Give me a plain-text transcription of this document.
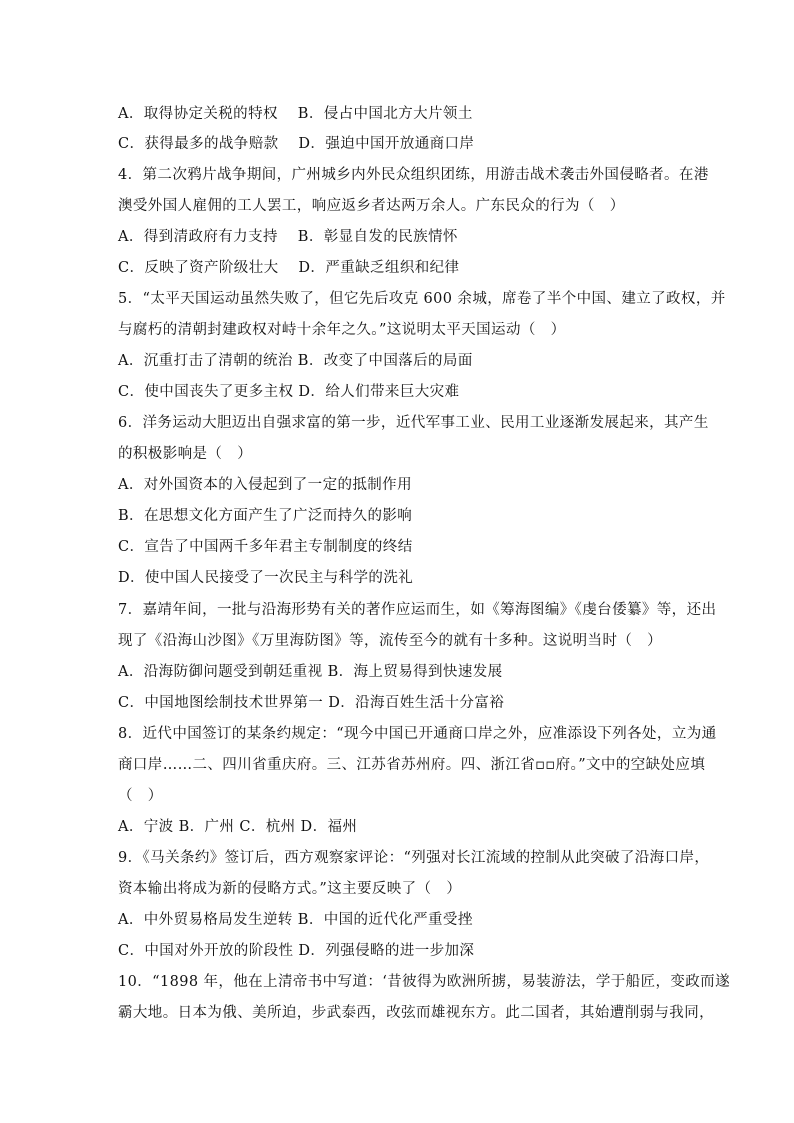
A．取得协定关税的特权　 B．侵占中国北方大片领土
C．获得最多的战争赔款　 D．强迫中国开放通商口岸
4．第二次鸦片战争期间，广州城乡内外民众组织团练，用游击战术袭击外国侵略者。在港
澳受外国人雇佣的工人罢工，响应返乡者达两万余人。广东民众的行为（　）
A．得到清政府有力支持　 B．彰显自发的民族情怀
C．反映了资产阶级壮大　 D．严重缺乏组织和纪律
5．“太平天国运动虽然失败了，但它先后攻克 600 余城，席卷了半个中国、建立了政权，并
与腐朽的清朝封建政权对峙十余年之久。”这说明太平天国运动（　）
A．沉重打击了清朝的统治 B．改变了中国落后的局面
C．使中国丧失了更多主权 D．给人们带来巨大灾难
6．洋务运动大胆迈出自强求富的第一步，近代军事工业、民用工业逐渐发展起来，其产生
的积极影响是（　）
A．对外国资本的入侵起到了一定的抵制作用
B．在思想文化方面产生了广泛而持久的影响
C．宣告了中国两千多年君主专制制度的终结
D．使中国人民接受了一次民主与科学的洗礼
7．嘉靖年间，一批与沿海形势有关的著作应运而生，如《筹海图编》《虔台倭纂》等，还出
现了《沿海山沙图》《万里海防图》等，流传至今的就有十多种。这说明当时（　）
A．沿海防御问题受到朝廷重视 B．海上贸易得到快速发展
C．中国地图绘制技术世界第一 D．沿海百姓生活十分富裕
8．近代中国签订的某条约规定：“现今中国已开通商口岸之外，应准添设下列各处，立为通
商口岸……二、四川省重庆府。三、江苏省苏州府。四、浙江省▫▫府。”文中的空缺处应填
（　）
A．宁波 B．广州 C．杭州 D．福州
9．《马关条约》签订后，西方观察家评论：“列强对长江流域的控制从此突破了沿海口岸，
资本输出将成为新的侵略方式。”这主要反映了（　）
A．中外贸易格局发生逆转 B．中国的近代化严重受挫
C．中国对外开放的阶段性 D．列强侵略的进一步加深
10．“1898 年，他在上清帝书中写道：‘昔彼得为欧洲所掳，易装游法，学于船匠，变政而遂
霸大地。日本为俄、美所迫，步武泰西，改弦而雄视东方。此二国者，其始遭削弱与我同，
